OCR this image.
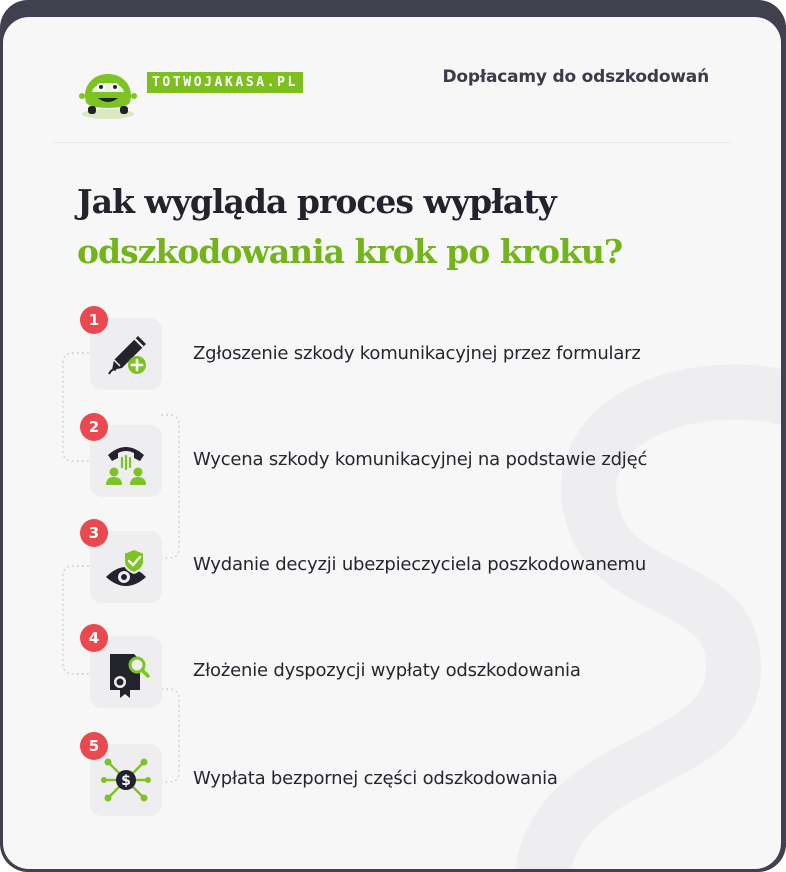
TOTWOJAKASA.PL	Dopłacamy do odszkodowań
Jak wygląda proces wypłaty
odszkodowania krok po kroku?
1
Zgłoszenie szkody komunikacyjnej przez formularz
2
Wycena szkody komunikacyjnej na podstawie zdjęć
3
Wydanie decyzji ubezpieczyciela poszkodowanemu
4
Złożenie dyspozycji wypłaty odszkodowania
$
5
Wypłata bezpornej części odszkodowania
